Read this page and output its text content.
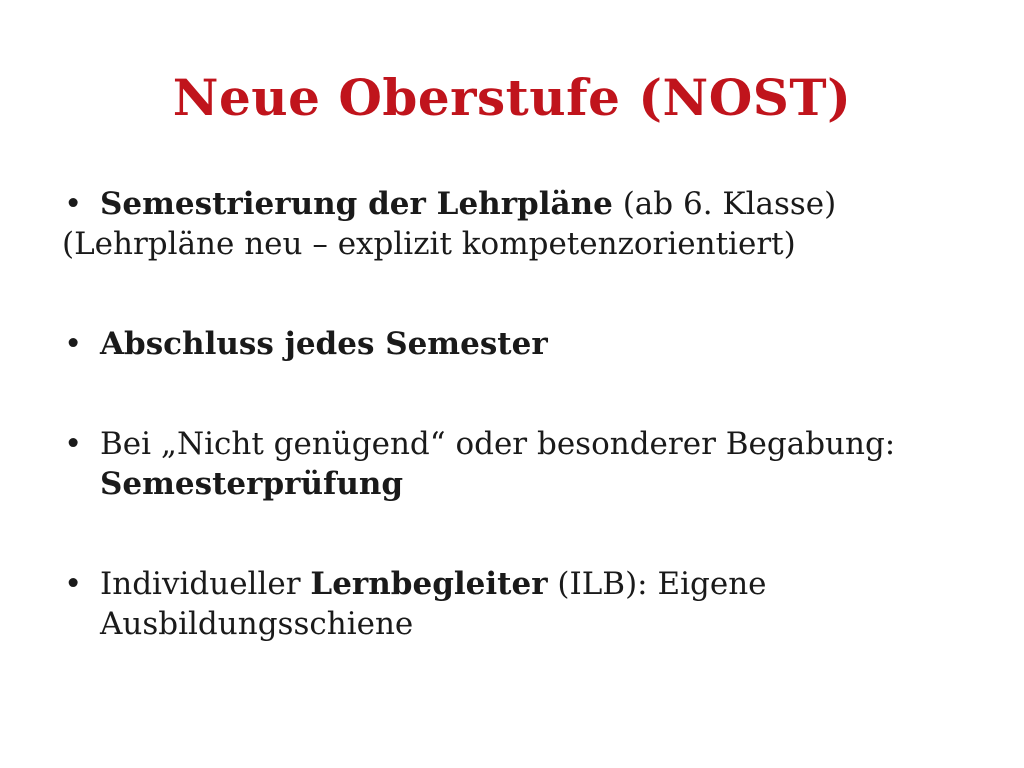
Neue Oberstufe (NOST)
• Semestrierung der Lehrpläne (ab 6. Klasse)
(Lehrpläne neu – explizit kompetenzorientiert)
• Abschluss jedes Semester
• Bei „Nicht genügend“ oder besonderer Begabung: Semesterprüfung
• Individueller Lernbegleiter (ILB): Eigene Ausbildungsschiene
